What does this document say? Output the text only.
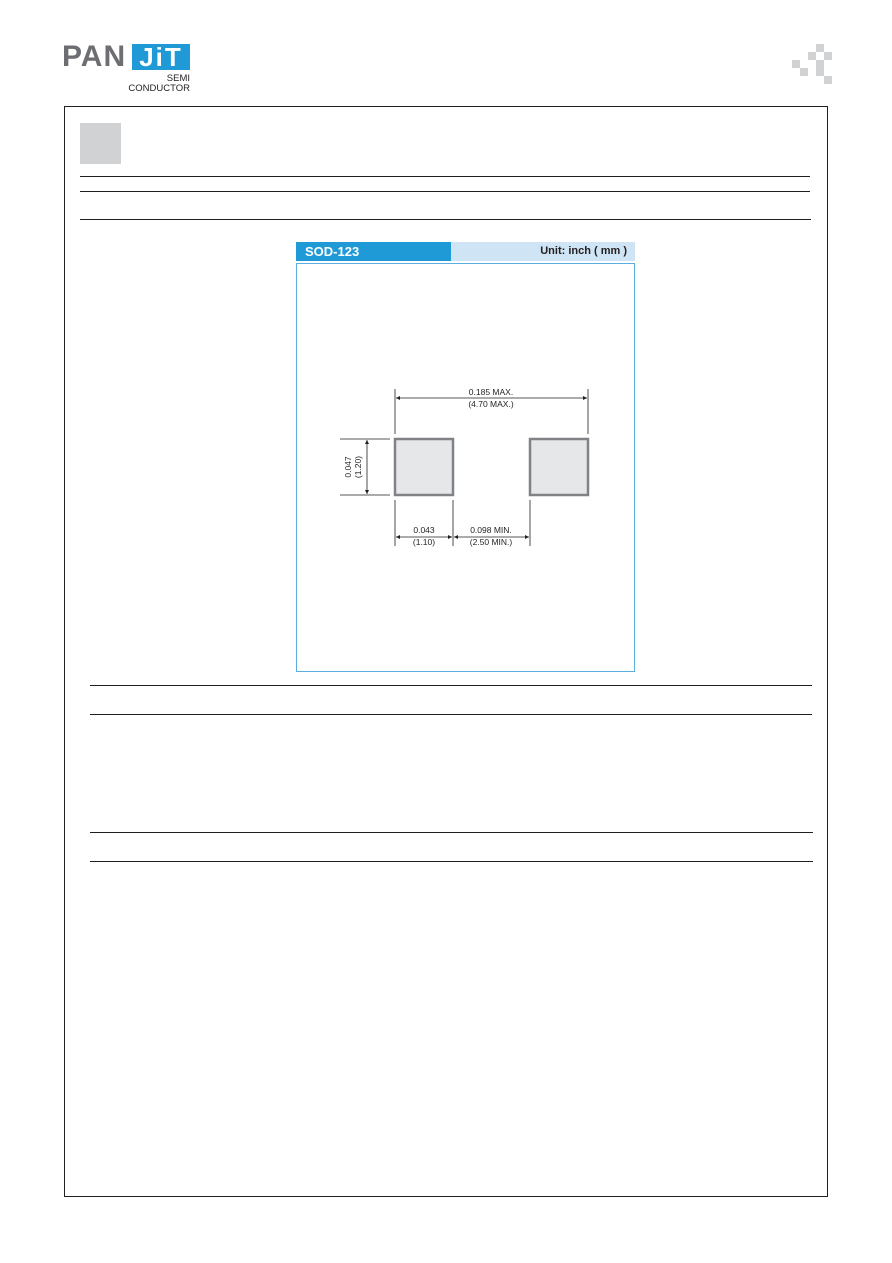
PAN JiT
SEMI
CONDUCTOR
SOD-123	Unit: inch ( mm )
0.185 MAX.
(4.70 MAX.)
0.047 (1.20)
0.043
(1.10)
0.098 MIN.
(2.50 MIN.)
